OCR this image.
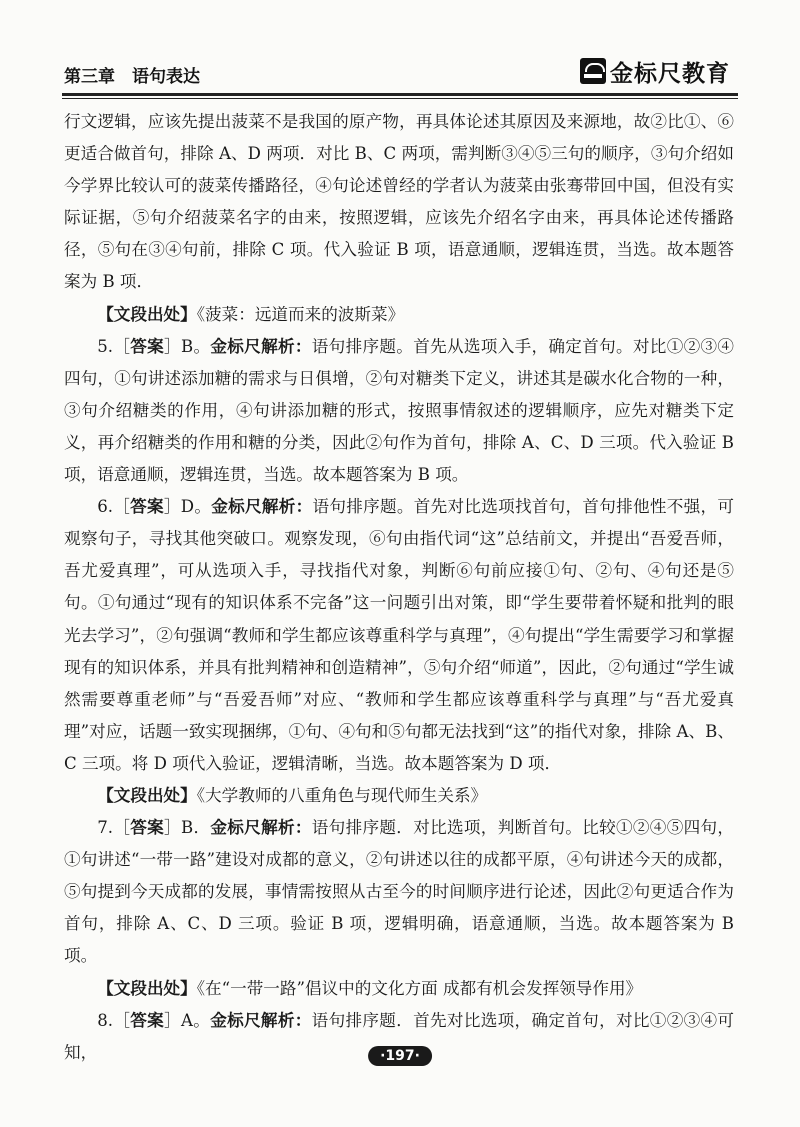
第三章　语句表达	金标尺教育

行文逻辑，应该先提出菠菜不是我国的原产物，再具体论述其原因及来源地，故②比①、⑥更适合做首句，排除 A、D 两项．对比 B、C 两项，需判断③④⑤三句的顺序，③句介绍如今学界比较认可的菠菜传播路径，④句论述曾经的学者认为菠菜由张骞带回中国，但没有实际证据，⑤句介绍菠菜名字的由来，按照逻辑，应该先介绍名字由来，再具体论述传播路径，⑤句在③④句前，排除 C 项。代入验证 B 项，语意通顺，逻辑连贯，当选。故本题答案为 B 项．

【文段出处】《菠菜：远道而来的波斯菜》

5.［答案］B。金标尺解析：语句排序题。首先从选项入手，确定首句。对比①②③④四句，①句讲述添加糖的需求与日俱增，②句对糖类下定义，讲述其是碳水化合物的一种，③句介绍糖类的作用，④句讲添加糖的形式，按照事情叙述的逻辑顺序，应先对糖类下定义，再介绍糖类的作用和糖的分类，因此②句作为首句，排除 A、C、D 三项。代入验证 B 项，语意通顺，逻辑连贯，当选。故本题答案为 B 项。

6.［答案］D。金标尺解析：语句排序题。首先对比选项找首句，首句排他性不强，可观察句子，寻找其他突破口。观察发现，⑥句由指代词“这”总结前文，并提出“吾爱吾师，吾尤爱真理”，可从选项入手，寻找指代对象，判断⑥句前应接①句、②句、④句还是⑤句。①句通过“现有的知识体系不完备”这一问题引出对策，即“学生要带着怀疑和批判的眼光去学习”，②句强调“教师和学生都应该尊重科学与真理”，④句提出“学生需要学习和掌握现有的知识体系，并具有批判精神和创造精神”，⑤句介绍“师道”，因此，②句通过“学生诚然需要尊重老师”与“吾爱吾师”对应、“教师和学生都应该尊重科学与真理”与“吾尤爱真理”对应，话题一致实现捆绑，①句、④句和⑤句都无法找到“这”的指代对象，排除 A、B、C 三项。将 D 项代入验证，逻辑清晰，当选。故本题答案为 D 项．

【文段出处】《大学教师的八重角色与现代师生关系》

7.［答案］B．金标尺解析：语句排序题．对比选项，判断首句。比较①②④⑤四句，①句讲述“一带一路”建设对成都的意义，②句讲述以往的成都平原，④句讲述今天的成都，⑤句提到今天成都的发展，事情需按照从古至今的时间顺序进行论述，因此②句更适合作为首句，排除 A、C、D 三项。验证 B 项，逻辑明确，语意通顺，当选。故本题答案为 B 项。

【文段出处】《在“一带一路”倡议中的文化方面 成都有机会发挥领导作用》

8.［答案］A。金标尺解析：语句排序题．首先对比选项，确定首句，对比①②③④可知，	·197·
